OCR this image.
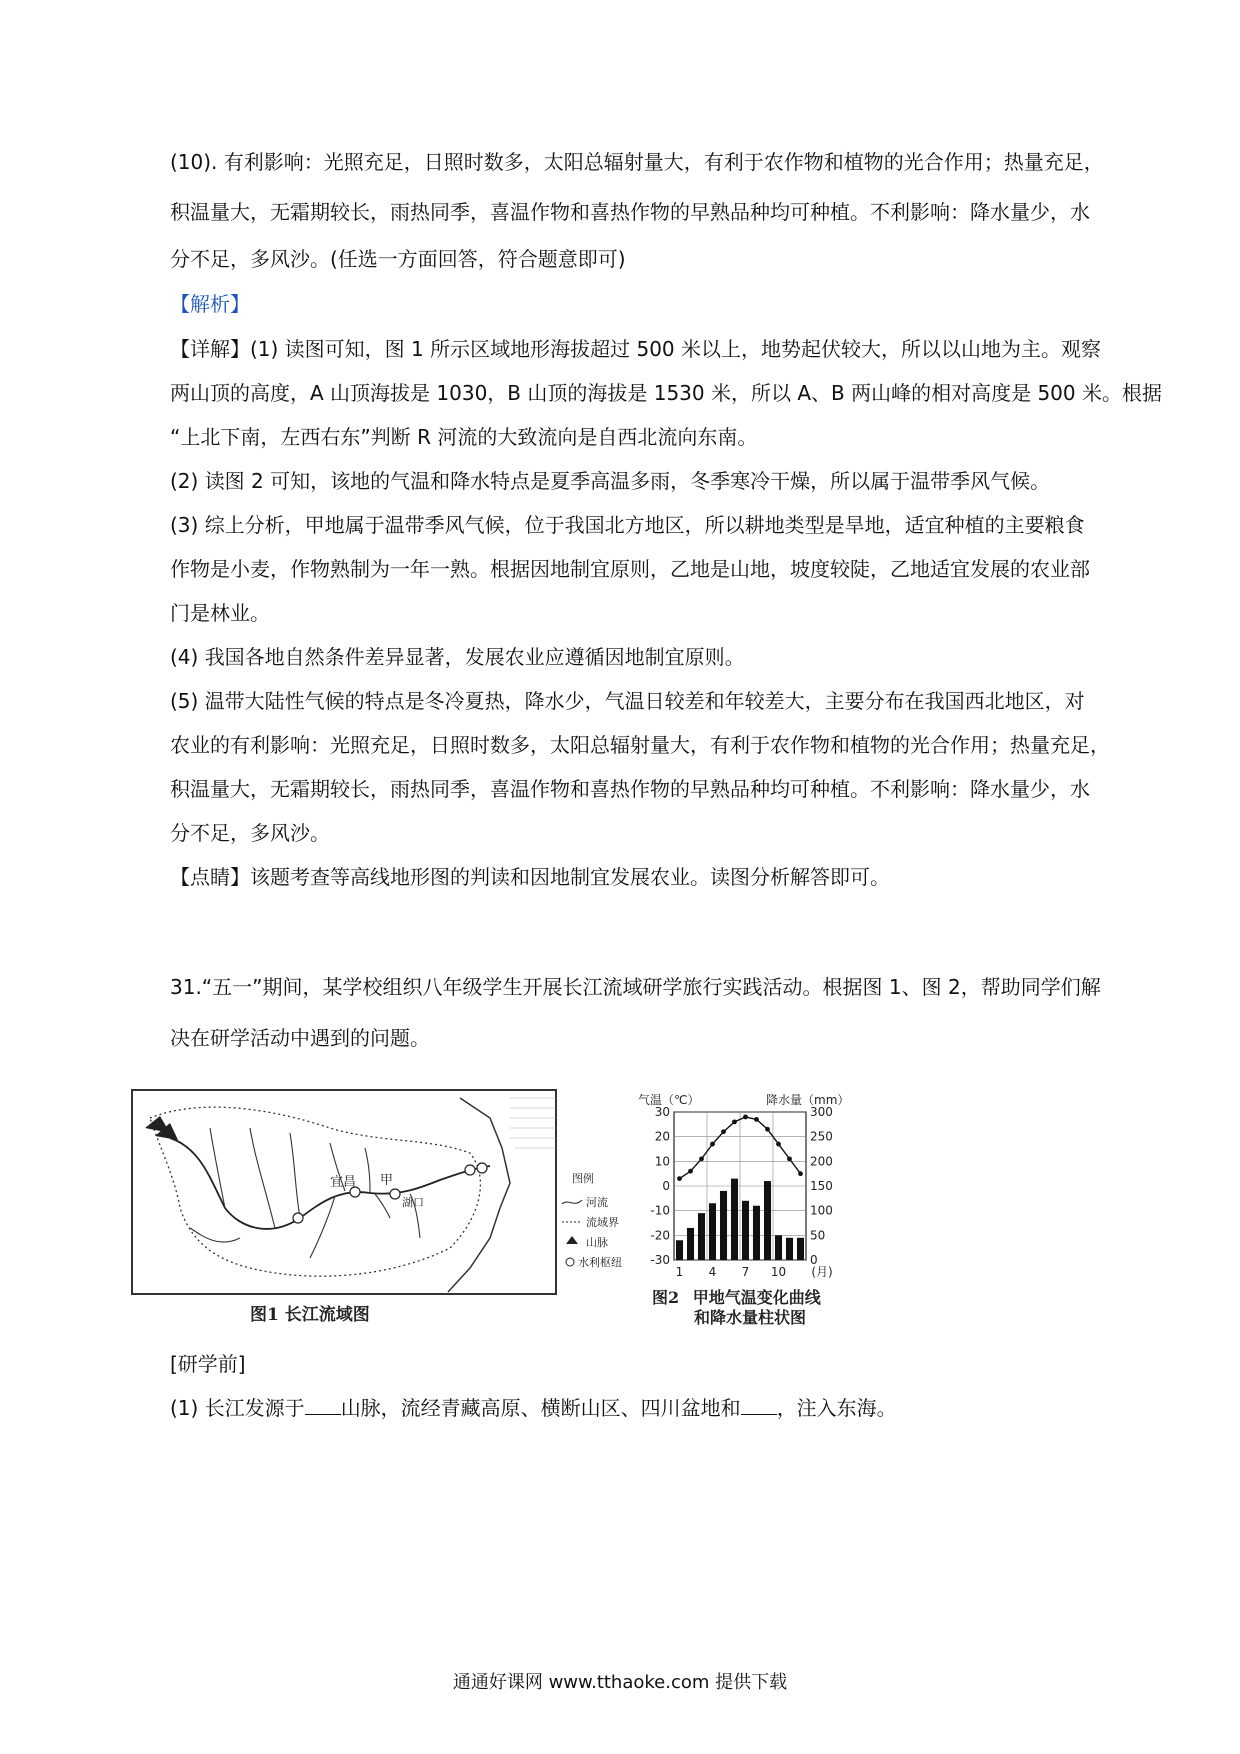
(10). 有利影响：光照充足，日照时数多，太阳总辐射量大，有利于农作物和植物的光合作用；热量充足，

积温量大，无霜期较长，雨热同季，喜温作物和喜热作物的早熟品种均可种植。不利影响：降水量少，水

分不足，多风沙。(任选一方面回答，符合题意即可)

【解析】

【详解】(1) 读图可知，图 1 所示区域地形海拔超过 500 米以上，地势起伏较大，所以以山地为主。观察

两山顶的高度，A 山顶海拔是 1030，B 山顶的海拔是 1530 米，所以 A、B 两山峰的相对高度是 500 米。根据

“上北下南，左西右东”判断 R 河流的大致流向是自西北流向东南。

(2) 读图 2 可知，该地的气温和降水特点是夏季高温多雨，冬季寒冷干燥，所以属于温带季风气候。

(3) 综上分析，甲地属于温带季风气候，位于我国北方地区，所以耕地类型是旱地，适宜种植的主要粮食

作物是小麦，作物熟制为一年一熟。根据因地制宜原则，乙地是山地，坡度较陡，乙地适宜发展的农业部

门是林业。

(4) 我国各地自然条件差异显著，发展农业应遵循因地制宜原则。

(5) 温带大陆性气候的特点是冬冷夏热，降水少，气温日较差和年较差大，主要分布在我国西北地区，对

农业的有利影响：光照充足，日照时数多，太阳总辐射量大，有利于农作物和植物的光合作用；热量充足，

积温量大，无霜期较长，雨热同季，喜温作物和喜热作物的早熟品种均可种植。不利影响：降水量少，水

分不足，多风沙。

【点睛】该题考查等高线地形图的判读和因地制宜发展农业。读图分析解答即可。

31.“五一”期间，某学校组织八年级学生开展长江流域研学旅行实践活动。根据图 1、图 2，帮助同学们解

决在研学活动中遇到的问题。

宜昌 甲
湖口
图1 长江流域图
图例
河流
流域界
山脉
水利枢纽
气温（℃）	降水量（mm）
30
20
10
0
-10
-20
-30
300
250
200
150
100
50
0
1 4 7 10 (月)
图2 甲地气温变化曲线
和降水量柱状图

[研学前]

(1) 长江发源于 山脉，流经青藏高原、横断山区、四川盆地和 ，注入东海。

通通好课网 www.tthaoke.com 提供下载
